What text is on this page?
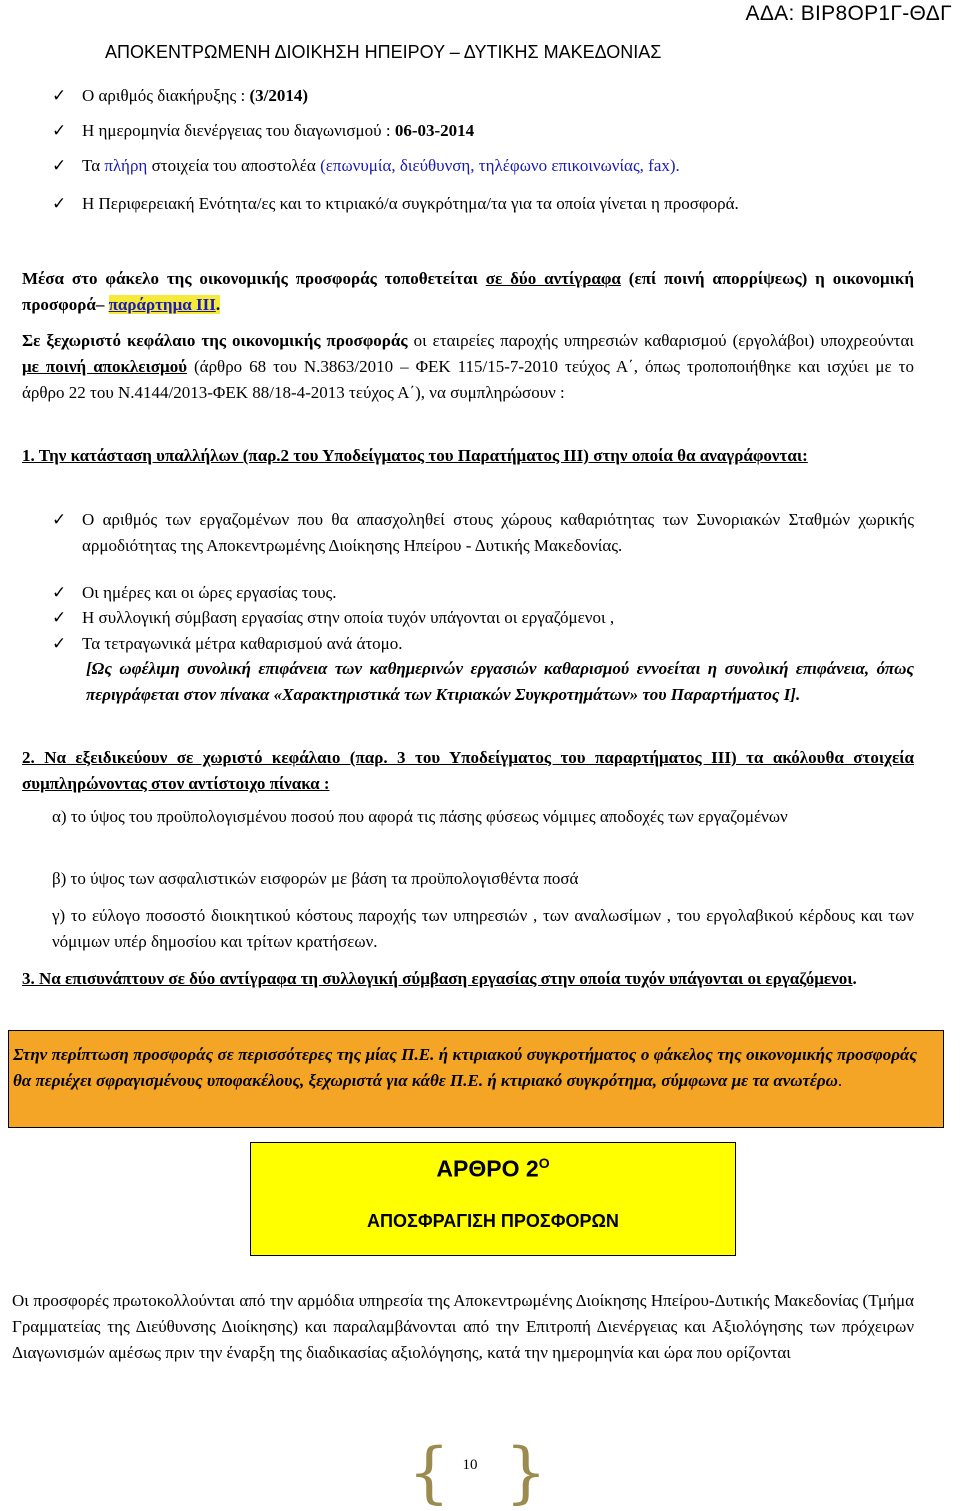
ΑΔΑ: ΒΙΡ8ΟΡ1Γ-ΘΔΓ
ΑΠΟΚΕΝΤΡΩΜΕΝΗ ΔΙΟΙΚΗΣΗ ΗΠΕΙΡΟΥ – ΔΥΤΙΚΗΣ ΜΑΚΕΔΟΝΙΑΣ
✓ Ο αριθμός διακήρυξης : (3/2014)
✓ Η ημερομηνία διενέργειας του διαγωνισμού : 06-03-2014
✓ Τα πλήρη στοιχεία του αποστολέα (επωνυμία, διεύθυνση, τηλέφωνο επικοινωνίας, fax).
✓ Η Περιφερειακή Ενότητα/ες και το κτιριακό/α συγκρότημα/τα για τα οποία γίνεται η προσφορά.
Μέσα στο φάκελο της οικονομικής προσφοράς τοποθετείται σε δύο αντίγραφα (επί ποινή απορρίψεως) η οικονομική προσφορά– παράρτημα ΙΙΙ.
Σε ξεχωριστό κεφάλαιο της οικονομικής προσφοράς οι εταιρείες παροχής υπηρεσιών καθαρισμού (εργολάβοι) υποχρεούνται με ποινή αποκλεισμού (άρθρο 68 του Ν.3863/2010 – ΦΕΚ 115/15-7-2010 τεύχος Α΄, όπως τροποποιήθηκε και ισχύει με το άρθρο 22 του Ν.4144/2013-ΦΕΚ 88/18-4-2013 τεύχος Α΄), να συμπληρώσουν :
1. Την κατάσταση υπαλλήλων (παρ.2 του Υποδείγματος του Παρατήματος ΙΙΙ) στην οποία θα αναγράφονται:
✓ Ο αριθμός των εργαζομένων που θα απασχοληθεί στους χώρους καθαριότητας των Συνοριακών Σταθμών χωρικής αρμοδιότητας της Αποκεντρωμένης Διοίκησης Ηπείρου - Δυτικής Μακεδονίας.
✓ Οι ημέρες και οι ώρες εργασίας τους.
✓ Η συλλογική σύμβαση εργασίας στην οποία τυχόν υπάγονται οι εργαζόμενοι ,
✓ Τα τετραγωνικά μέτρα καθαρισμού ανά άτομο.
[Ως ωφέλιμη συνολική επιφάνεια των καθημερινών εργασιών καθαρισμού εννοείται η συνολική επιφάνεια, όπως περιγράφεται στον πίνακα «Χαρακτηριστικά των Κτιριακών Συγκροτημάτων» του Παραρτήματος Ι].
2. Να εξειδικεύουν σε χωριστό κεφάλαιο (παρ. 3 του Υποδείγματος του παραρτήματος ΙΙΙ) τα ακόλουθα στοιχεία συμπληρώνοντας στον αντίστοιχο πίνακα :
α) το ύψος του προϋπολογισμένου ποσού που αφορά τις πάσης φύσεως νόμιμες αποδοχές των εργαζομένων
β) το ύψος των ασφαλιστικών εισφορών με βάση τα προϋπολογισθέντα ποσά
γ) το εύλογο ποσοστό διοικητικού κόστους παροχής των υπηρεσιών , των αναλωσίμων , του εργολαβικού κέρδους και των νόμιμων υπέρ δημοσίου και τρίτων κρατήσεων.
3. Να επισυνάπτουν σε δύο αντίγραφα τη συλλογική σύμβαση εργασίας στην οποία τυχόν υπάγονται οι εργαζόμενοι.
Στην περίπτωση προσφοράς σε περισσότερες της μίας Π.Ε. ή κτιριακού συγκροτήματος ο φάκελος της οικονομικής προσφοράς θα περιέχει σφραγισμένους υποφακέλους, ξεχωριστά για κάθε Π.Ε. ή κτιριακό συγκρότημα, σύμφωνα με τα ανωτέρω.
ΑΡΘΡΟ $2^O$
ΑΠΟΣΦΡΑΓΙΣΗ ΠΡΟΣΦΟΡΩΝ
Οι προσφορές πρωτοκολλούνται από την αρμόδια υπηρεσία της Αποκεντρωμένης Διοίκησης Ηπείρου-Δυτικής Μακεδονίας (Τμήμα Γραμματείας της Διεύθυνσης Διοίκησης) και παραλαμβάνονται από την Επιτροπή Διενέργειας και Αξιολόγησης των πρόχειρων Διαγωνισμών αμέσως πριν την έναρξη της διαδικασίας αξιολόγησης, κατά την ημερομηνία και ώρα που ορίζονται
{ }
10
